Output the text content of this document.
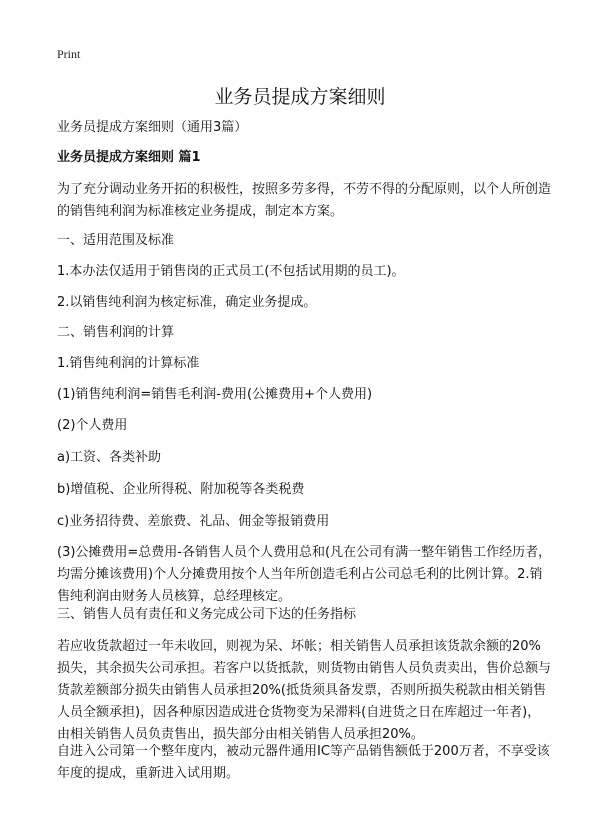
Print
业务员提成方案细则

业务员提成方案细则（通用3篇）

业务员提成方案细则 篇1

为了充分调动业务开拓的积极性，按照多劳多得，不劳不得的分配原则，以个人所创造的销售纯利润为标准核定业务提成，制定本方案。

一、适用范围及标准

1.本办法仅适用于销售岗的正式员工(不包括试用期的员工)。

2.以销售纯利润为核定标准，确定业务提成。

二、销售利润的计算

1.销售纯利润的计算标准

(1)销售纯利润=销售毛利润-费用(公摊费用+个人费用)

(2)个人费用

a)工资、各类补助

b)增值税、企业所得税、附加税等各类税费

c)业务招待费、差旅费、礼品、佣金等报销费用

(3)公摊费用=总费用-各销售人员个人费用总和(凡在公司有满一整年销售工作经历者，均需分摊该费用)个人分摊费用按个人当年所创造毛利占公司总毛利的比例计算。2.销售纯利润由财务人员核算，总经理核定。

三、销售人员有责任和义务完成公司下达的任务指标

若应收货款超过一年未收回，则视为呆、坏帐；相关销售人员承担该货款余额的20%损失，其余损失公司承担。若客户以货抵款，则货物由销售人员负责卖出，售价总额与货款差额部分损失由销售人员承担20%(抵货须具备发票，否则所损失税款由相关销售人员全额承担)，因各种原因造成进仓货物变为呆滞料(自进货之日在库超过一年者)，由相关销售人员负责售出，损失部分由相关销售人员承担20%。

自进入公司第一个整年度内，被动元器件通用IC等产品销售额低于200万者，不享受该年度的提成，重新进入试用期。
